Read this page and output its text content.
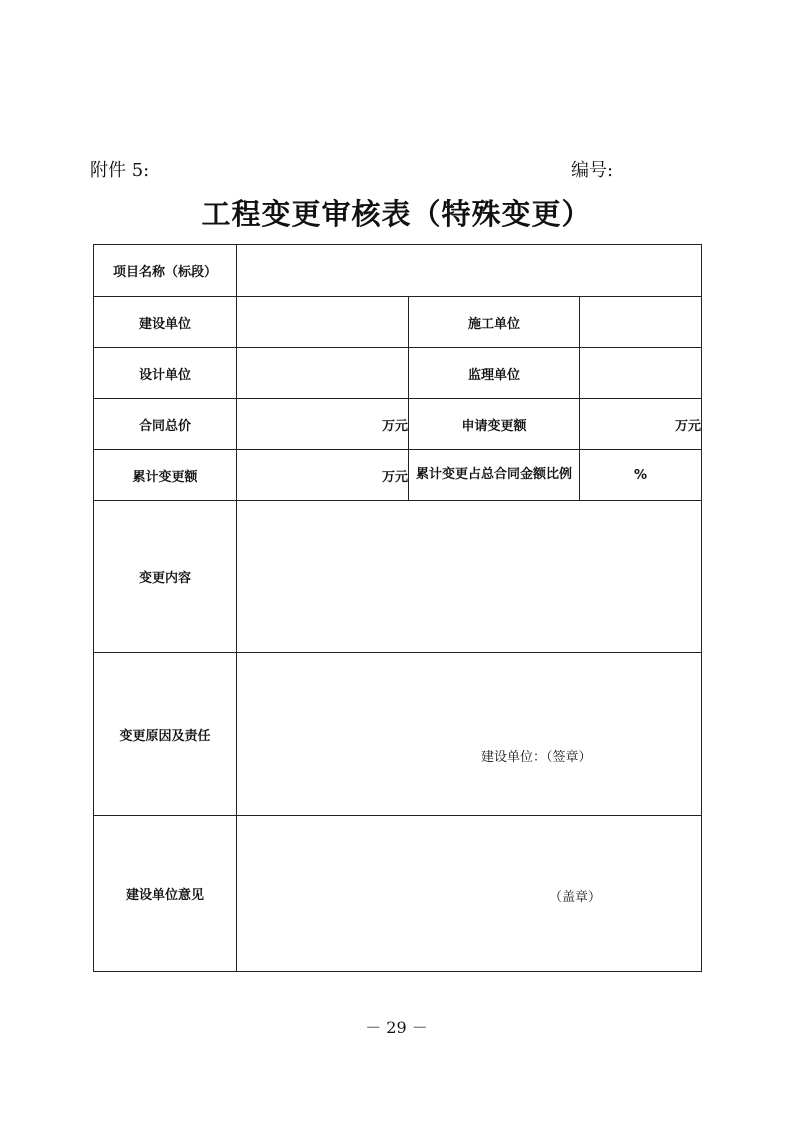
附件 5:	编号:
工程变更审核表（特殊变更）
项目名称（标段）			
建设单位		施工单位	
设计单位		监理单位	
合同总价	万元	申请变更额	万元
累计变更额	万元	累计变更占总合同金额比例	%
变更内容			
变更原因及责任	建设单位：（签章）		

建设单位意见	（盖章）		
－ 29 －
